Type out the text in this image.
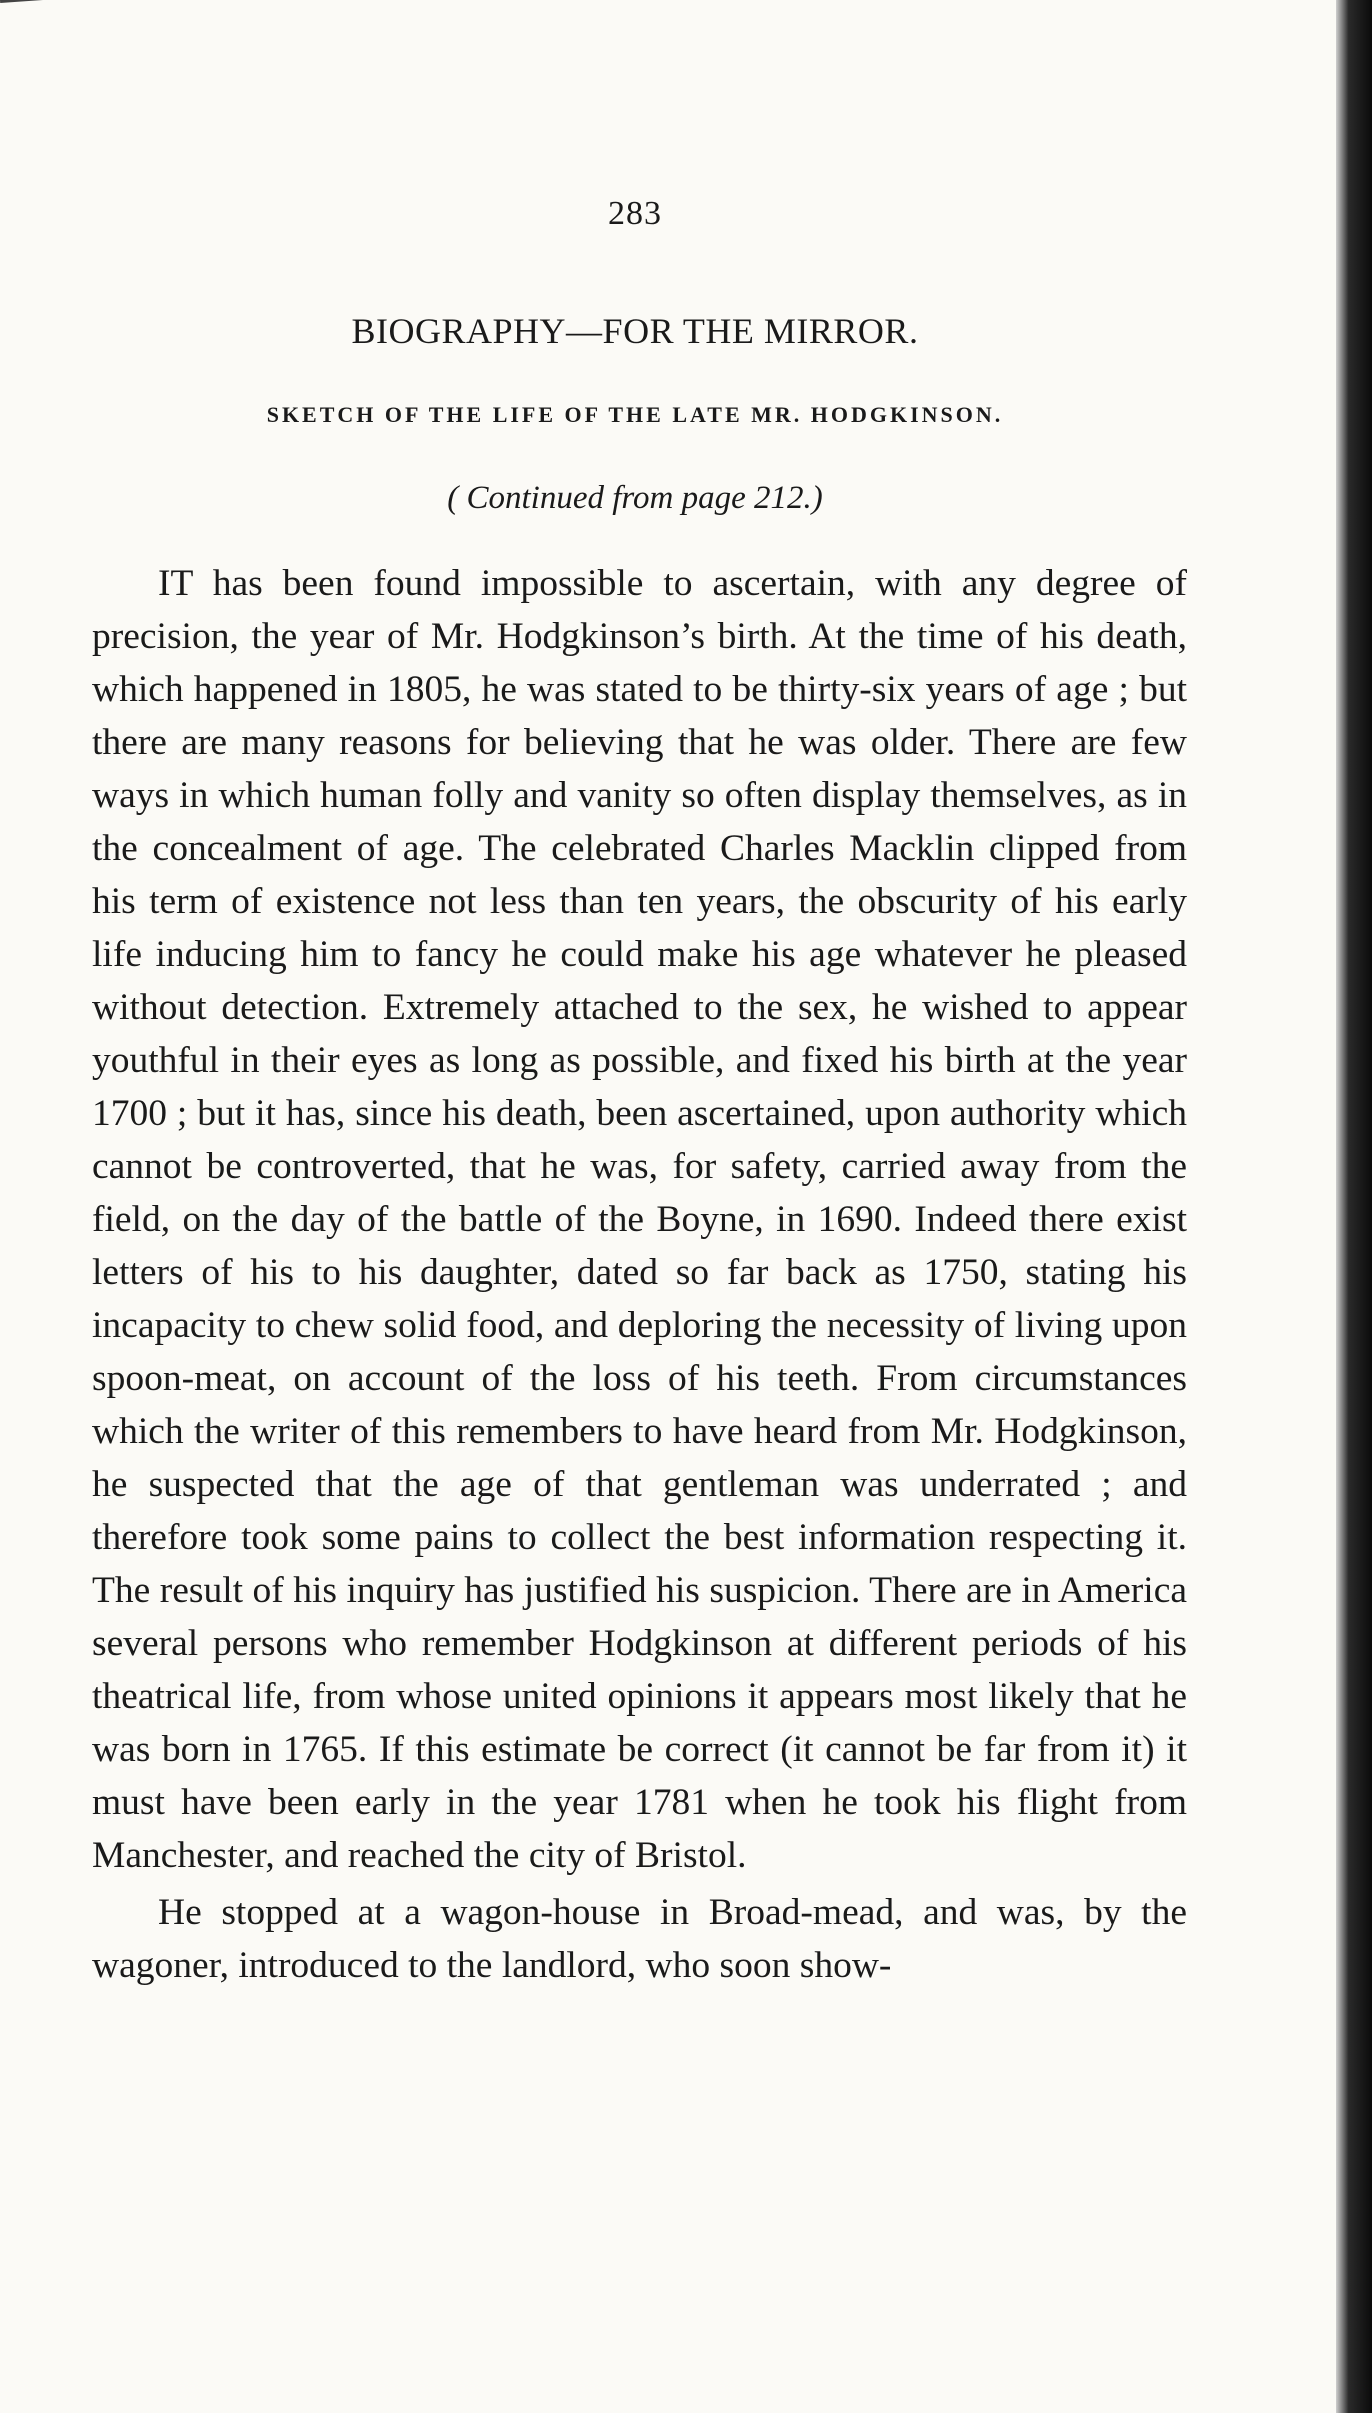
283
BIOGRAPHY—FOR THE MIRROR.
SKETCH OF THE LIFE OF THE LATE MR. HODGKINSON.
( Continued from page 212.)

IT has been found impossible to ascertain, with any degree of precision, the year of Mr. Hodgkinson’s birth. At the time of his death, which happened in 1805, he was stated to be thirty-six years of age ; but there are many reasons for believing that he was older. There are few ways in which human folly and vanity so often display themselves, as in the concealment of age. The celebrated Charles Macklin clipped from his term of existence not less than ten years, the obscurity of his early life inducing him to fancy he could make his age whatever he pleased without detection. Extremely attached to the sex, he wished to appear youthful in their eyes as long as possible, and fixed his birth at the year 1700 ; but it has, since his death, been ascertained, upon authority which cannot be controverted, that he was, for safety, carried away from the field, on the day of the battle of the Boyne, in 1690. Indeed there exist letters of his to his daughter, dated so far back as 1750, stating his incapacity to chew solid food, and deploring the necessity of living upon spoon-meat, on account of the loss of his teeth. From circumstances which the writer of this remembers to have heard from Mr. Hodgkinson, he suspected that the age of that gentleman was underrated ; and therefore took some pains to collect the best information respecting it. The result of his inquiry has justified his suspicion. There are in America several persons who remember Hodgkinson at different periods of his theatrical life, from whose united opinions it appears most likely that he was born in 1765. If this estimate be correct (it cannot be far from it) it must have been early in the year 1781 when he took his flight from Manchester, and reached the city of Bristol.

He stopped at a wagon-house in Broad-mead, and was, by the wagoner, introduced to the landlord, who soon show-
